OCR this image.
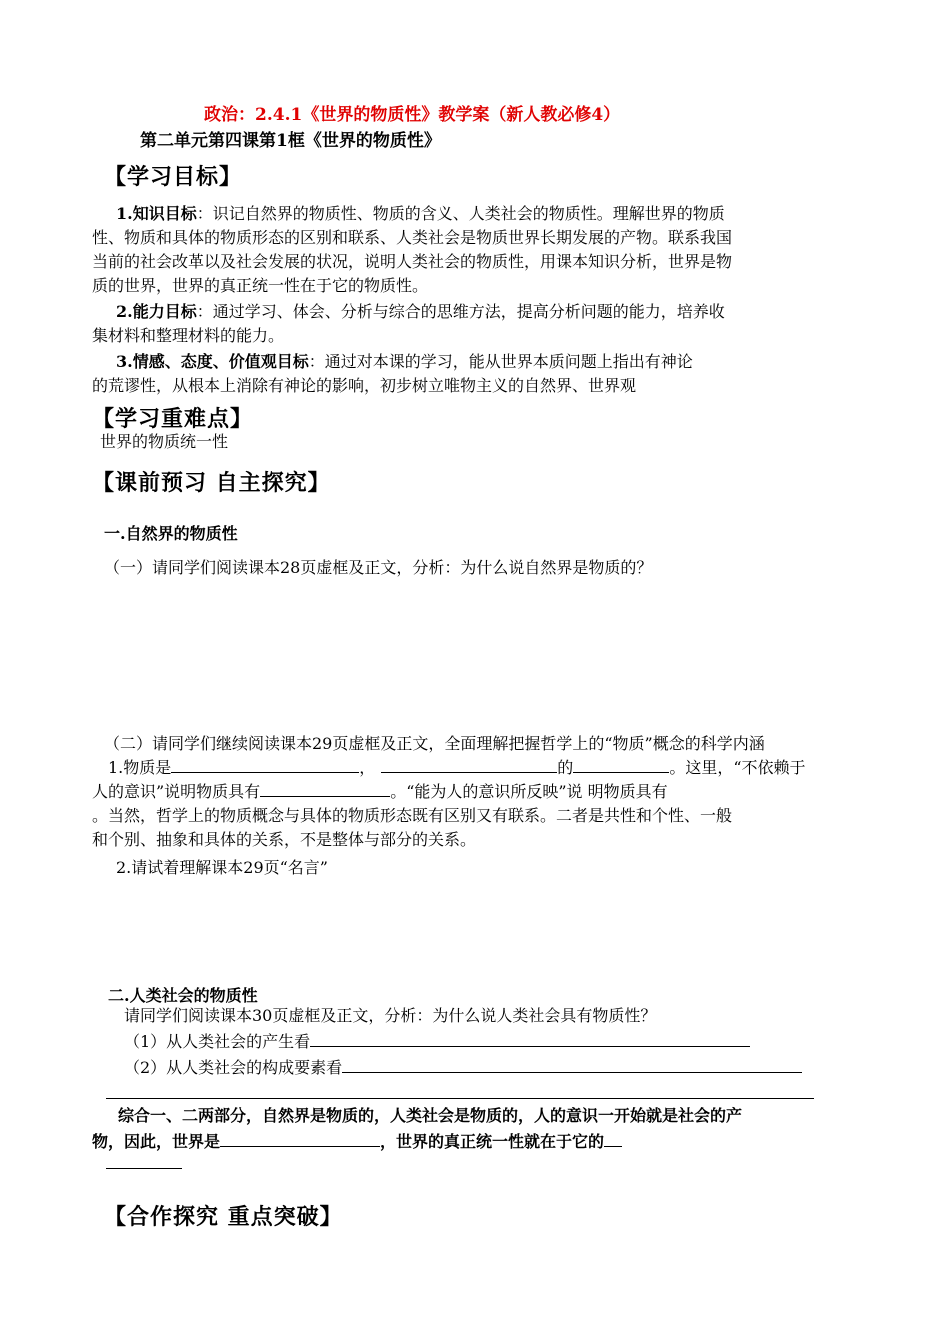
政治：2.4.1《世界的物质性》教学案（新人教必修4）
第二单元第四课第1框《世界的物质性》
【学习目标】
1.知识目标：识记自然界的物质性、物质的含义、人类社会的物质性。理解世界的物质
性、物质和具体的物质形态的区别和联系、人类社会是物质世界长期发展的产物。联系我国
当前的社会改革以及社会发展的状况，说明人类社会的物质性，用课本知识分析，世界是物
质的世界，世界的真正统一性在于它的物质性。
2.能力目标：通过学习、体会、分析与综合的思维方法，提高分析问题的能力，培养收
集材料和整理材料的能力。
3.情感、态度、价值观目标：通过对本课的学习，能从世界本质问题上指出有神论
的荒谬性，从根本上消除有神论的影响，初步树立唯物主义的自然界、世界观
【学习重难点】
世界的物质统一性
【课前预习 自主探究】
一.自然界的物质性
（一）请同学们阅读课本28页虚框及正文，分析：为什么说自然界是物质的？
（二）请同学们继续阅读课本29页虚框及正文，全面理解把握哲学上的“物质”概念的科学内涵
1.物质是	，	的	。这里，“不依赖于
人的意识”说明物质具有	。“能为人的意识所反映”说 明物质具有
。当然，哲学上的物质概念与具体的物质形态既有区别又有联系。二者是共性和个性、一般
和个别、抽象和具体的关系，不是整体与部分的关系。
2.请试着理解课本29页“名言”
二.人类社会的物质性
请同学们阅读课本30页虚框及正文，分析：为什么说人类社会具有物质性？
（1）从人类社会的产生看
（2）从人类社会的构成要素看
综合一、二两部分，自然界是物质的，人类社会是物质的，人的意识一开始就是社会的产
物，因此，世界是	，世界的真正统一性就在于它的
【合作探究 重点突破】
